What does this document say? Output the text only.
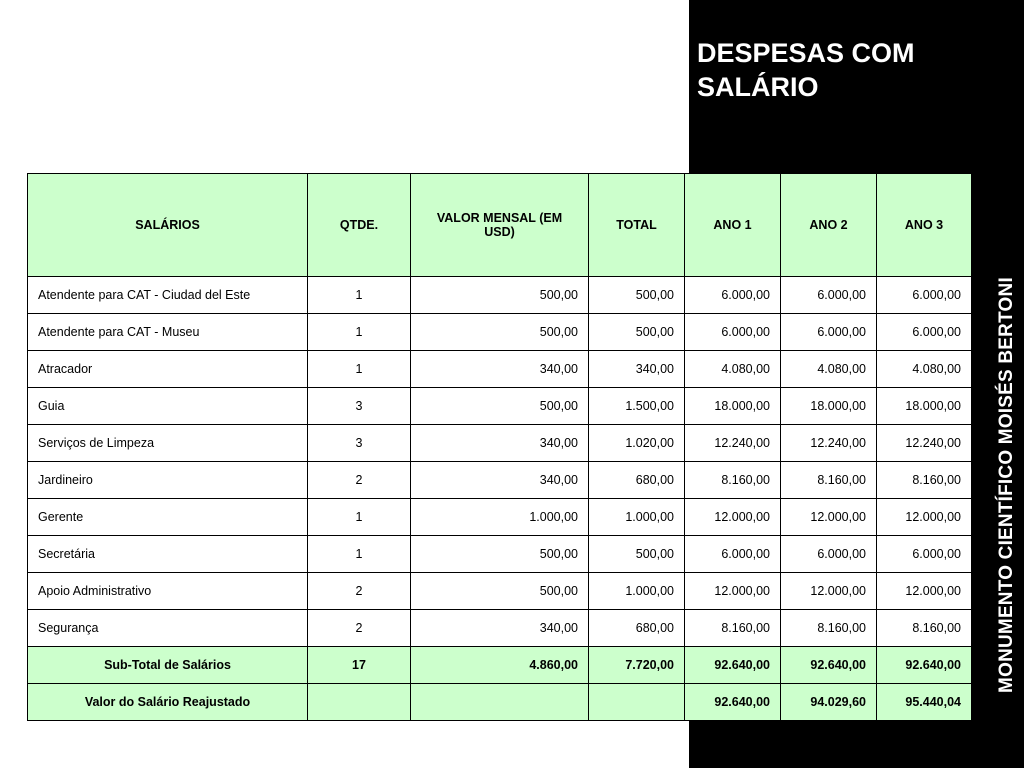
DESPESAS COM SALÁRIO
MONUMENTO CIENTÍFICO MOISÉS BERTONI
SALÁRIOS	QTDE.	VALOR MENSAL (EM USD)	TOTAL	ANO 1	ANO 2	ANO 3
Atendente para CAT - Ciudad del Este	1	500,00	500,00	6.000,00	6.000,00	6.000,00
Atendente para CAT - Museu	1	500,00	500,00	6.000,00	6.000,00	6.000,00
Atracador	1	340,00	340,00	4.080,00	4.080,00	4.080,00
Guia	3	500,00	1.500,00	18.000,00	18.000,00	18.000,00
Serviços de Limpeza	3	340,00	1.020,00	12.240,00	12.240,00	12.240,00
Jardineiro	2	340,00	680,00	8.160,00	8.160,00	8.160,00
Gerente	1	1.000,00	1.000,00	12.000,00	12.000,00	12.000,00
Secretária	1	500,00	500,00	6.000,00	6.000,00	6.000,00
Apoio Administrativo	2	500,00	1.000,00	12.000,00	12.000,00	12.000,00
Segurança	2	340,00	680,00	8.160,00	8.160,00	8.160,00
Sub-Total de Salários	17	4.860,00	7.720,00	92.640,00	92.640,00	92.640,00
Valor do Salário Reajustado				92.640,00	94.029,60	95.440,04
